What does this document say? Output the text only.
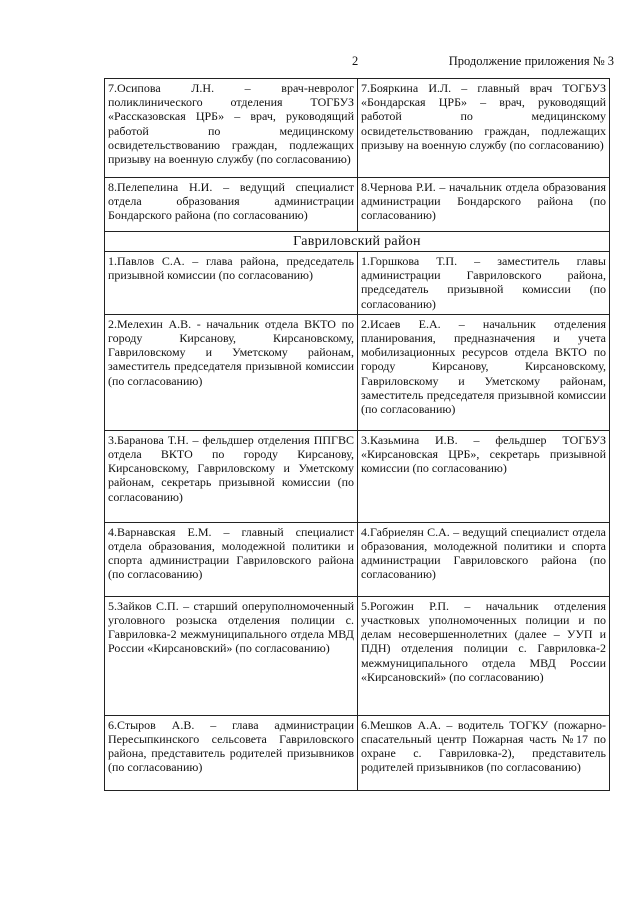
2	Продолжение приложения № 3
7.Осипова Л.Н. – врач-невролог поликлинического отделения ТОГБУЗ «Рассказовская ЦРБ» – врач, руководящий работой по медицинскому освидетельствованию граждан, подлежащих призыву на военную службу (по согласованию)	7.Бояркина И.Л. – главный врач ТОГБУЗ «Бондарская ЦРБ» – врач, руководящий работой по медицинскому освидетельствованию граждан, подлежащих призыву на военную службу (по согласованию)
8.Пелепелина Н.И. – ведущий специалист отдела образования администрации Бондарского района (по согласованию)	8.Чернова Р.И. – начальник отдела образования администрации Бондарского района (по согласованию)
Гавриловский район	
1.Павлов С.А. – глава района, председатель призывной комиссии (по согласованию)	1.Горшкова Т.П. – заместитель главы администрации Гавриловского района, председатель призывной комиссии (по согласованию)
2.Мелехин А.В. - начальник отдела ВКТО по городу Кирсанову, Кирсановскому, Гавриловскому и Уметскому районам, заместитель председателя призывной комиссии (по согласованию)	2.Исаев Е.А. – начальник отделения планирования, предназначения и учета мобилизационных ресурсов отдела ВКТО по городу Кирсанову, Кирсановскому, Гавриловскому и Уметскому районам, заместитель председателя призывной комиссии (по согласованию)
3.Баранова Т.Н. – фельдшер отделения ППГВС отдела ВКТО по городу Кирсанову, Кирсановскому, Гавриловскому и Уметскому районам, секретарь призывной комиссии (по согласованию)	3.Казьмина И.В. – фельдшер ТОГБУЗ «Кирсановская ЦРБ», секретарь призывной комиссии (по согласованию)
4.Варнавская Е.М. – главный специалист отдела образования, молодежной политики и спорта администрации Гавриловского района (по согласованию)	4.Габриелян С.А. – ведущий специалист отдела образования, молодежной политики и спорта администрации Гавриловского района (по согласованию)
5.Зайков С.П. – старший оперуполномоченный уголовного розыска отделения полиции с. Гавриловка-2 межмуниципального отдела МВД России «Кирсановский» (по согласованию)	5.Рогожин Р.П. – начальник отделения участковых уполномоченных полиции и по делам несовершеннолетних (далее – УУП и ПДН) отделения полиции с. Гавриловка-2 межмуниципального отдела МВД России «Кирсановский» (по согласованию)
6.Стыров А.В. – глава администрации Пересыпкинского сельсовета Гавриловского района, представитель родителей призывников (по согласованию)	6.Мешков А.А. – водитель ТОГКУ (пожарно-спасательный центр Пожарная часть №17 по охране с. Гавриловка-2), представитель родителей призывников (по согласованию)
